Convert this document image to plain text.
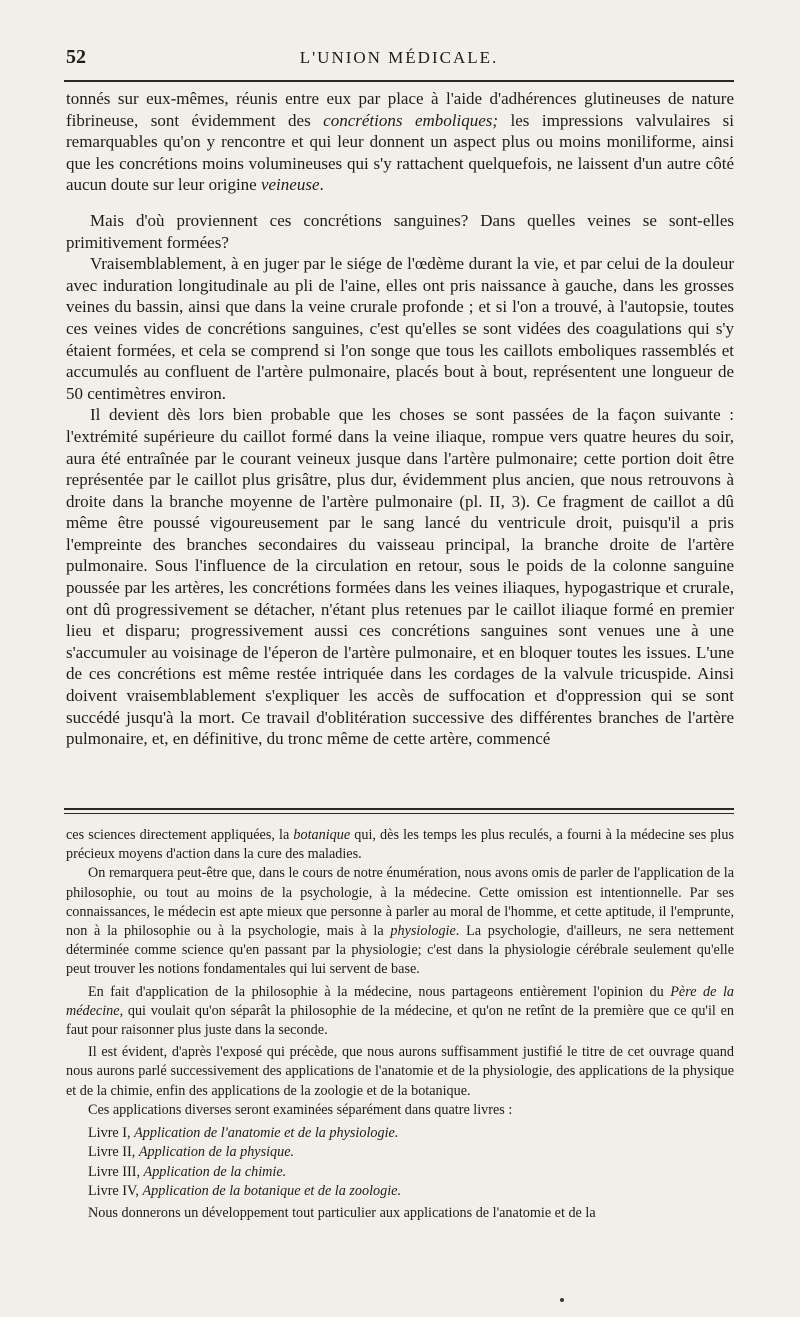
52	L'UNION MÉDICALE.

tonnés sur eux-mêmes, réunis entre eux par place à l'aide d'adhérences glutineuses de nature fibrineuse, sont évidemment des concrétions emboliques; les impressions valvulaires si remarquables qu'on y rencontre et qui leur donnent un aspect plus ou moins moniliforme, ainsi que les concrétions moins volumineuses qui s'y rattachent quelquefois, ne laissent d'un autre côté aucun doute sur leur origine veineuse.

Mais d'où proviennent ces concrétions sanguines? Dans quelles veines se sont-elles primitivement formées?

Vraisemblablement, à en juger par le siége de l'œdème durant la vie, et par celui de la douleur avec induration longitudinale au pli de l'aine, elles ont pris naissance à gauche, dans les grosses veines du bassin, ainsi que dans la veine crurale profonde ; et si l'on a trouvé, à l'autopsie, toutes ces veines vides de concrétions sanguines, c'est qu'elles se sont vidées des coagulations qui s'y étaient formées, et cela se comprend si l'on songe que tous les caillots emboliques rassemblés et accumulés au confluent de l'artère pulmonaire, placés bout à bout, représentent une longueur de 50 centimètres environ.

Il devient dès lors bien probable que les choses se sont passées de la façon suivante : l'extrémité supérieure du caillot formé dans la veine iliaque, rompue vers quatre heures du soir, aura été entraînée par le courant veineux jusque dans l'artère pulmonaire; cette portion doit être représentée par le caillot plus grisâtre, plus dur, évidemment plus ancien, que nous retrouvons à droite dans la branche moyenne de l'artère pulmonaire (pl. II, 3). Ce fragment de caillot a dû même être poussé vigoureusement par le sang lancé du ventricule droit, puisqu'il a pris l'empreinte des branches secondaires du vaisseau principal, la branche droite de l'artère pulmonaire. Sous l'influence de la circulation en retour, sous le poids de la colonne sanguine poussée par les artères, les concrétions formées dans les veines iliaques, hypogastrique et crurale, ont dû progressivement se détacher, n'étant plus retenues par le caillot iliaque formé en premier lieu et disparu; progressivement aussi ces concrétions sanguines sont venues une à une s'accumuler au voisinage de l'éperon de l'artère pulmonaire, et en bloquer toutes les issues. L'une de ces concrétions est même restée intriquée dans les cordages de la valvule tricuspide. Ainsi doivent vraisemblablement s'expliquer les accès de suffocation et d'oppression qui se sont succédé jusqu'à la mort. Ce travail d'oblitération successive des différentes branches de l'artère pulmonaire, et, en définitive, du tronc même de cette artère, commencé

ces sciences directement appliquées, la botanique qui, dès les temps les plus reculés, a fourni à la médecine ses plus précieux moyens d'action dans la cure des maladies.

On remarquera peut-être que, dans le cours de notre énumération, nous avons omis de parler de l'application de la philosophie, ou tout au moins de la psychologie, à la médecine. Cette omission est intentionnelle. Par ses connaissances, le médecin est apte mieux que personne à parler au moral de l'homme, et cette aptitude, il l'emprunte, non à la philosophie ou à la psychologie, mais à la physiologie. La psychologie, d'ailleurs, ne sera nettement déterminée comme science qu'en passant par la physiologie; c'est dans la physiologie cérébrale seulement qu'elle peut trouver les notions fondamentales qui lui servent de base.

En fait d'application de la philosophie à la médecine, nous partageons entièrement l'opinion du Père de la médecine, qui voulait qu'on séparât la philosophie de la médecine, et qu'on ne retînt de la première que ce qu'il en faut pour raisonner plus juste dans la seconde.

Il est évident, d'après l'exposé qui précède, que nous aurons suffisamment justifié le titre de cet ouvrage quand nous aurons parlé successivement des applications de l'anatomie et de la physiologie, des applications de la physique et de la chimie, enfin des applications de la zoologie et de la botanique.

Ces applications diverses seront examinées séparément dans quatre livres :

Livre I, Application de l'anatomie et de la physiologie.
Livre II, Application de la physique.
Livre III, Application de la chimie.
Livre IV, Application de la botanique et de la zoologie.

Nous donnerons un développement tout particulier aux applications de l'anatomie et de la
